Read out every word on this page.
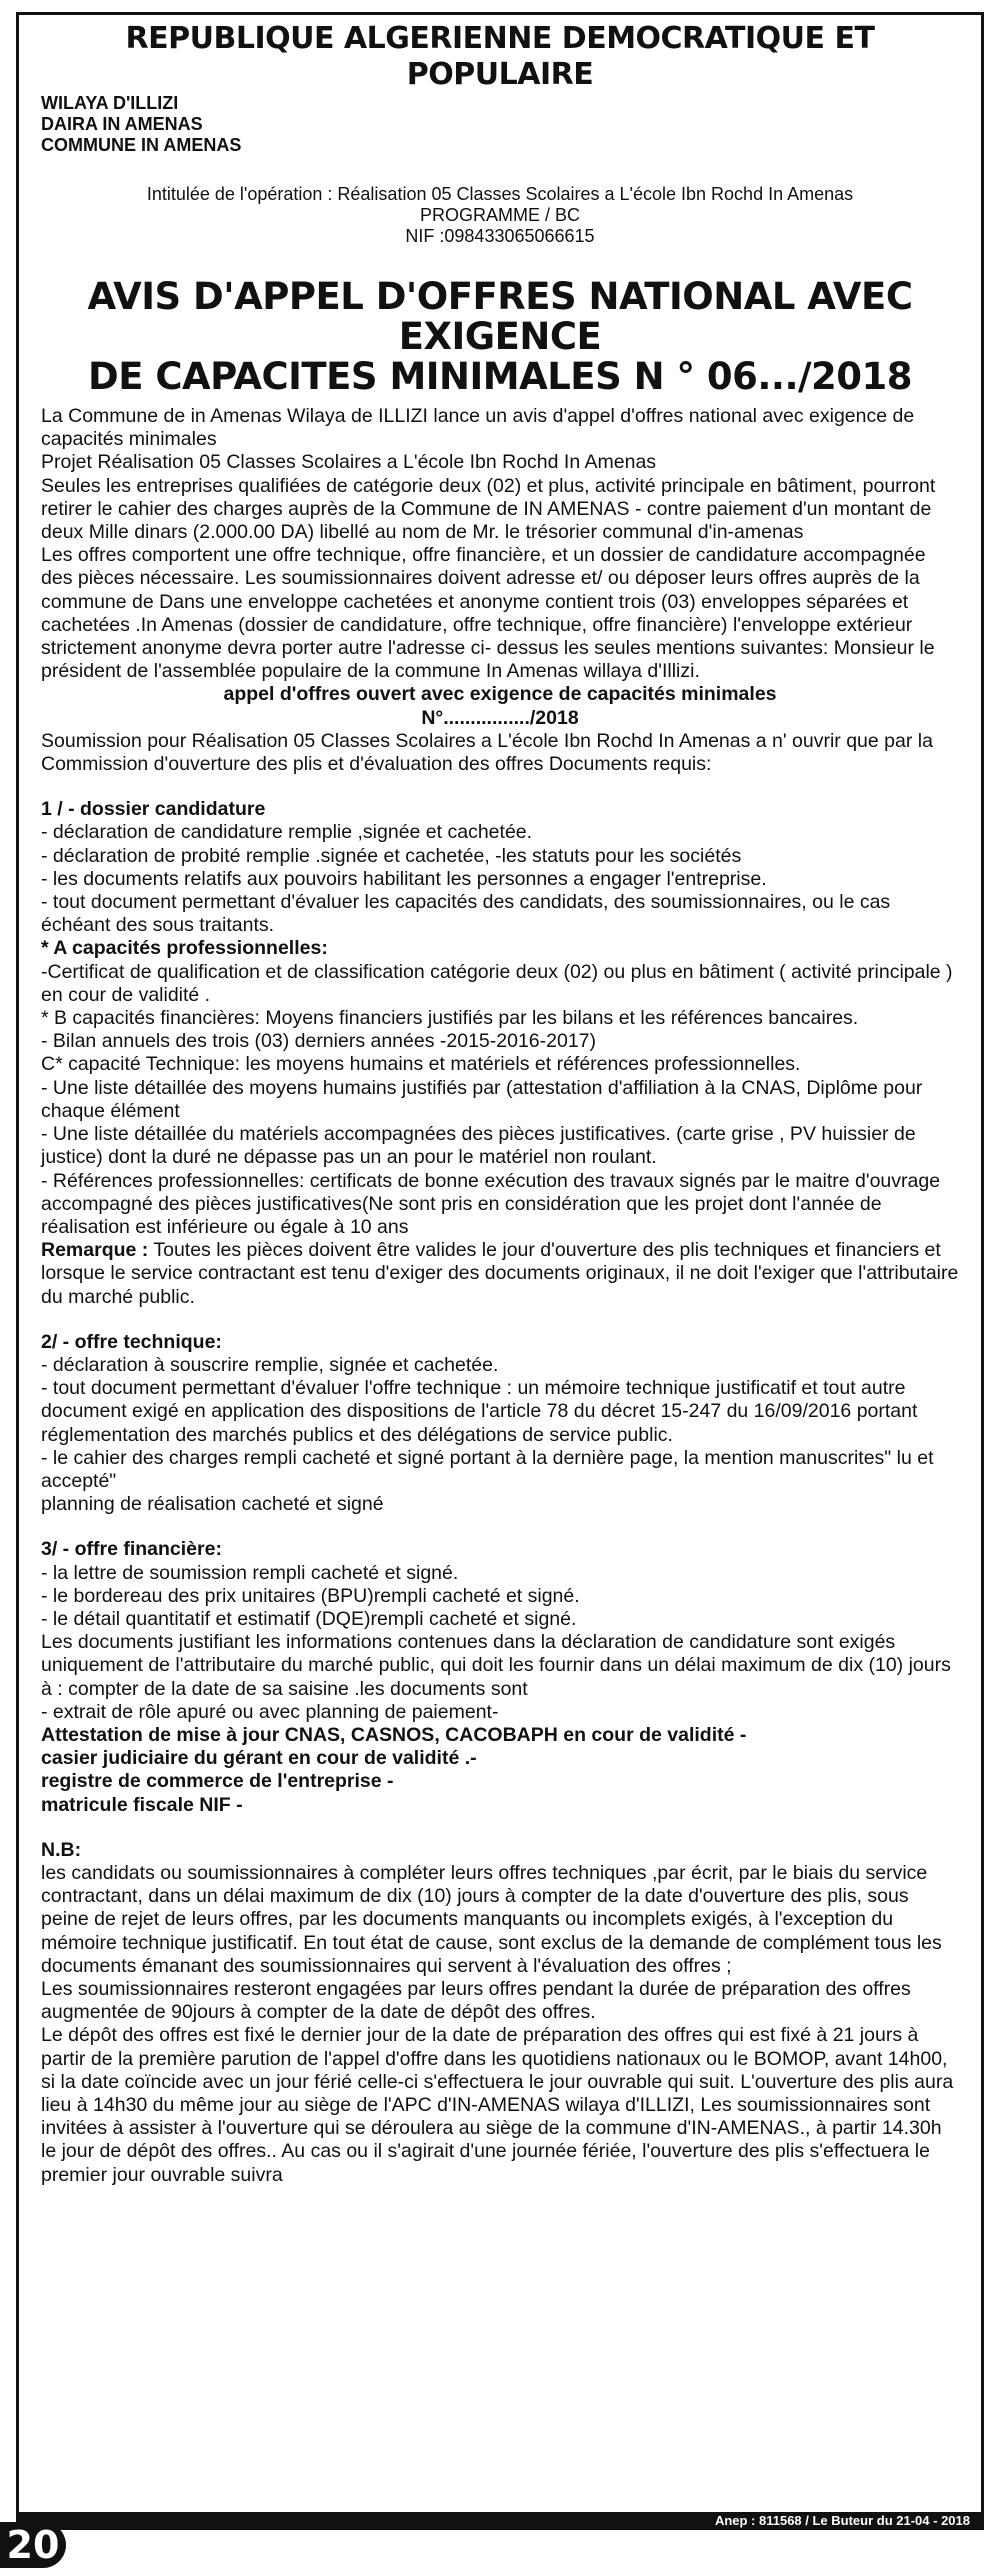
REPUBLIQUE ALGERIENNE DEMOCRATIQUE ET POPULAIRE
WILAYA D'ILLIZI
DAIRA IN AMENAS
COMMUNE IN AMENAS
Intitulée de l'opération : Réalisation 05 Classes Scolaires a L'école Ibn Rochd In Amenas
PROGRAMME / BC
NIF :098433065066615
AVIS D'APPEL D'OFFRES NATIONAL AVEC EXIGENCE
DE CAPACITES MINIMALES N ° 06.../2018

La Commune de in Amenas Wilaya de ILLIZI lance un avis d'appel d'offres national avec exigence de capacités minimales

Projet Réalisation 05 Classes Scolaires a L'école Ibn Rochd In Amenas

Seules les entreprises qualifiées de catégorie deux (02) et plus, activité principale en bâtiment, pourront retirer le cahier des charges auprès de la Commune de IN AMENAS - contre paiement d'un montant de deux Mille dinars (2.000.00 DA) libellé au nom de Mr. le trésorier communal d'in-amenas

Les offres comportent une offre technique, offre financière, et un dossier de candidature accompagnée des pièces nécessaire. Les soumissionnaires doivent adresse et/ ou déposer leurs offres auprès de la commune de Dans une enveloppe cachetées et anonyme contient trois (03) enveloppes séparées et cachetées .In Amenas (dossier de candidature, offre technique, offre financière) l'enveloppe extérieur strictement anonyme devra porter autre l'adresse ci- dessus les seules mentions suivantes: Monsieur le président de l'assemblée populaire de la commune In Amenas willaya d'Illizi.

appel d'offres ouvert avec exigence de capacités minimales

N°................/2018

Soumission pour Réalisation 05 Classes Scolaires a L'école Ibn Rochd In Amenas a n' ouvrir que par la Commission d'ouverture des plis et d'évaluation des offres Documents requis:

1 / - dossier candidature

- déclaration de candidature remplie ,signée et cachetée.

- déclaration de probité remplie .signée et cachetée, -les statuts pour les sociétés

- les documents relatifs aux pouvoirs habilitant les personnes a engager l'entreprise.

- tout document permettant d'évaluer les capacités des candidats, des soumissionnaires, ou le cas échéant des sous traitants.

* A capacités professionnelles:

-Certificat de qualification et de classification catégorie deux (02) ou plus en bâtiment ( activité principale ) en cour de validité .

* B capacités financières: Moyens financiers justifiés par les bilans et les références bancaires.

- Bilan annuels des trois (03) derniers années -2015-2016-2017)

C* capacité Technique: les moyens humains et matériels et références professionnelles.

- Une liste détaillée des moyens humains justifiés par (attestation d'affiliation à la CNAS, Diplôme pour chaque élément

- Une liste détaillée du matériels accompagnées des pièces justificatives. (carte grise , PV huissier de justice) dont la duré ne dépasse pas un an pour le matériel non roulant.

- Références professionnelles: certificats de bonne exécution des travaux signés par le maitre d'ouvrage accompagné des pièces justificatives(Ne sont pris en considération que les projet dont l'année de réalisation est inférieure ou égale à 10 ans

Remarque : Toutes les pièces doivent être valides le jour d'ouverture des plis techniques et financiers et lorsque le service contractant est tenu d'exiger des documents originaux, il ne doit l'exiger que l'attributaire du marché public.

2/ - offre technique:

- déclaration à souscrire remplie, signée et cachetée.

- tout document permettant d'évaluer l'offre technique : un mémoire technique justificatif et tout autre

document exigé en application des dispositions de l'article 78 du décret 15-247 du 16/09/2016 portant réglementation des marchés publics et des délégations de service public.

- le cahier des charges rempli cacheté et signé portant à la dernière page, la mention manuscrites" lu et accepté"

planning de réalisation cacheté et signé

3/ - offre financière:

- la lettre de soumission rempli cacheté et signé.

- le bordereau des prix unitaires (BPU)rempli cacheté et signé.

- le détail quantitatif et estimatif (DQE)rempli cacheté et signé.

Les documents justifiant les informations contenues dans la déclaration de candidature sont exigés uniquement de l'attributaire du marché public, qui doit les fournir dans un délai maximum de dix (10) jours à : compter de la date de sa saisine .les documents sont

- extrait de rôle apuré ou avec planning de paiement-

Attestation de mise à jour CNAS, CASNOS, CACOBAPH en cour de validité -

casier judiciaire du gérant en cour de validité .-

registre de commerce de l'entreprise -

matricule fiscale NIF -

N.B:

les candidats ou soumissionnaires à compléter leurs offres techniques ,par écrit, par le biais du service contractant, dans un délai maximum de dix (10) jours à compter de la date d'ouverture des plis, sous peine de rejet de leurs offres, par les documents manquants ou incomplets exigés, à l'exception du mémoire technique justificatif. En tout état de cause, sont exclus de la demande de complément tous les documents émanant des soumissionnaires qui servent à l'évaluation des offres ;

Les soumissionnaires resteront engagées par leurs offres pendant la durée de préparation des offres augmentée de 90jours à compter de la date de dépôt des offres.

Le dépôt des offres est fixé le dernier jour de la date de préparation des offres qui est fixé à 21 jours à partir de la première parution de l'appel d'offre dans les quotidiens nationaux ou le BOMOP, avant 14h00, si la date coïncide avec un jour férié celle-ci s'effectuera le jour ouvrable qui suit. L'ouverture des plis aura lieu à 14h30 du même jour au siège de l'APC d'IN-AMENAS wilaya d'ILLIZI, Les soumissionnaires sont invitées à assister à l'ouverture qui se déroulera au siège de la commune d'IN-AMENAS., à partir 14.30h le jour de dépôt des offres.. Au cas ou il s'agirait d'une journée fériée, l'ouverture des plis s'effectuera le premier jour ouvrable suivra

Anep : 811568 / Le Buteur du 21-04 - 2018
20
